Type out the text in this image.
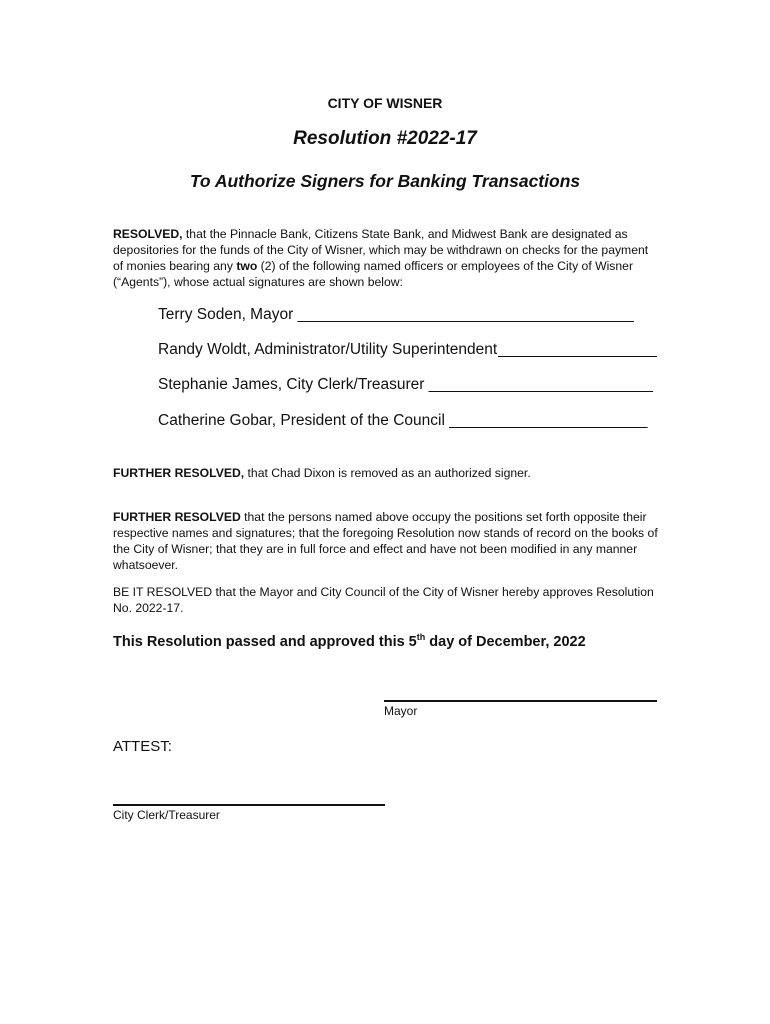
CITY OF WISNER
Resolution #2022-17
To Authorize Signers for Banking Transactions
RESOLVED, that the Pinnacle Bank, Citizens State Bank, and Midwest Bank are designated as depositories for the funds of the City of Wisner, which may be withdrawn on checks for the payment of monies bearing any two (2) of the following named officers or employees of the City of Wisner (“Agents”), whose actual signatures are shown below:
Terry Soden, Mayor _______________________________________
Randy Woldt, Administrator/Utility Superintendent
Stephanie James, City Clerk/Treasurer __________________________
Catherine Gobar, President of the Council _______________________
FURTHER RESOLVED, that Chad Dixon is removed as an authorized signer.
FURTHER RESOLVED that the persons named above occupy the positions set forth opposite their respective names and signatures; that the foregoing Resolution now stands of record on the books of the City of Wisner; that they are in full force and effect and have not been modified in any manner whatsoever.
BE IT RESOLVED that the Mayor and City Council of the City of Wisner hereby approves Resolution No. 2022-17.
This Resolution passed and approved this 5th day of December, 2022
Mayor
ATTEST:
City Clerk/Treasurer
